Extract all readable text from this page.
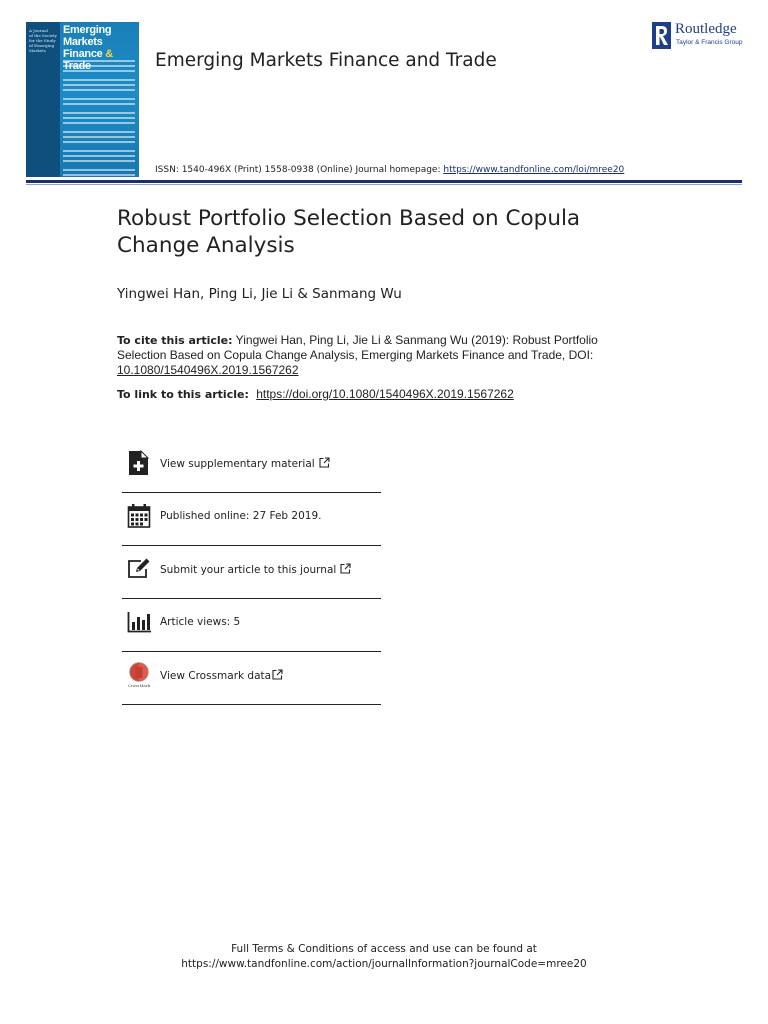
A Journal
of the Society
for the Study
of Emerging
Markets
Emerging Markets
Finance &	Emerging Markets Finance and Trade
ISSN: 1540-496X (Print) 1558-0938 (Online) Journal homepage: https://www.tandfonline.com/loi/mree20
Routledge
Taylor & Francis Group
Robust Portfolio Selection Based on Copula Change Analysis
Yingwei Han, Ping Li, Jie Li & Sanmang Wu
To cite this article: Yingwei Han, Ping Li, Jie Li & Sanmang Wu (2019): Robust Portfolio Selection Based on Copula Change Analysis, Emerging Markets Finance and Trade, DOI: 10.1080/1540496X.2019.1567262
To link to this article: https://doi.org/10.1080/1540496X.2019.1567262
View supplementary material
Published online: 27 Feb 2019.
Submit your article to this journal
Article views: 5
CrossMark
View Crossmark data
Full Terms & Conditions of access and use can be found at
https://www.tandfonline.com/action/journalInformation?journalCode=mree20
